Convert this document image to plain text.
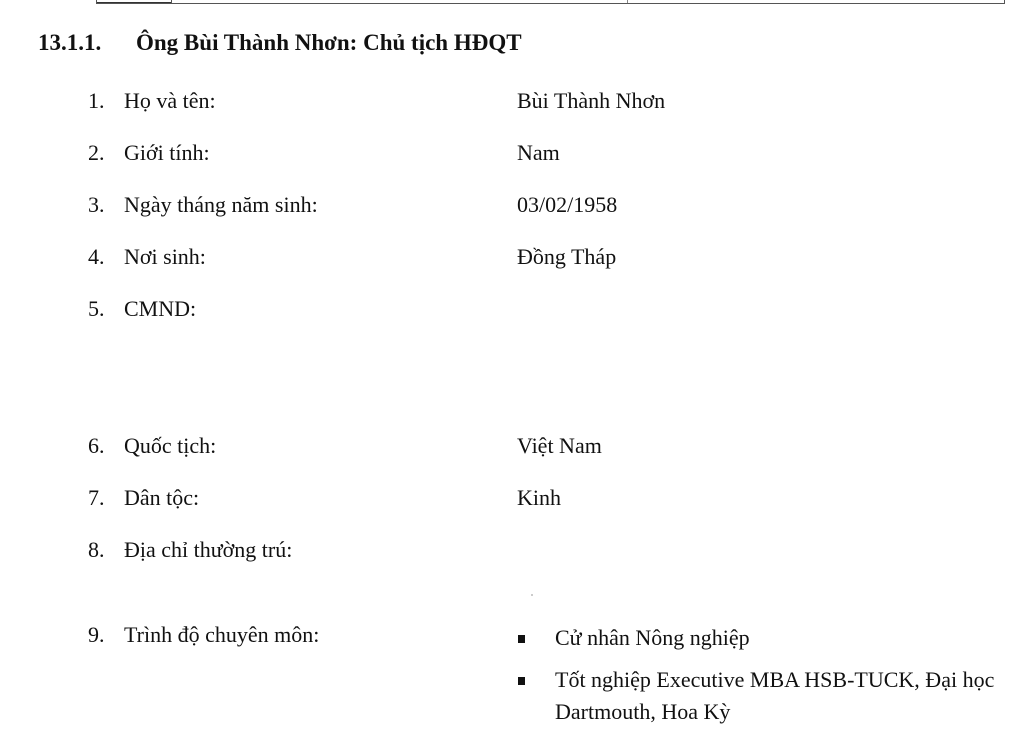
13.1.1. Ông Bùi Thành Nhơn: Chủ tịch HĐQT
1. Họ và tên:	Bùi Thành Nhơn
2. Giới tính:	Nam
3. Ngày tháng năm sinh:	03/02/1958
4. Nơi sinh:	Đồng Tháp
5. CMND:
6. Quốc tịch:	Việt Nam
7. Dân tộc:	Kinh
8. Địa chỉ thường trú:
9. Trình độ chuyên môn:	Cử nhân Nông nghiệp
Tốt nghiệp Executive MBA HSB-TUCK, Đại học Dartmouth, Hoa Kỳ
